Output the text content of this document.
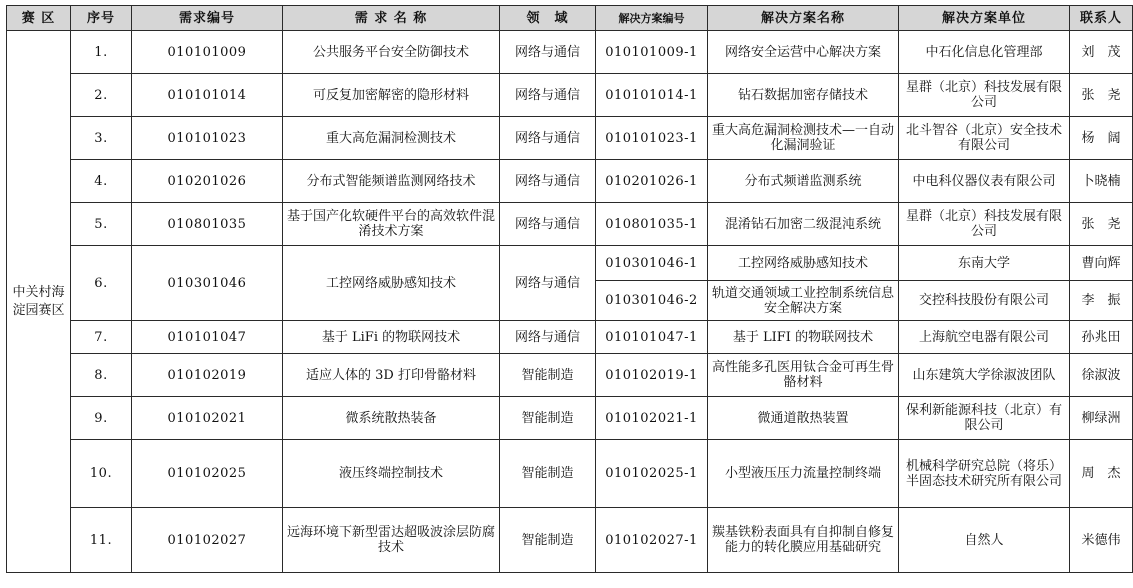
赛 区	序号	需求编号	需 求 名 称	领　域	解决方案编号	解决方案名称	解决方案单位	联系人
中关村海淀园赛区	1.	010101009	公共服务平台安全防御技术	网络与通信	010101009-1	网络安全运营中心解决方案	中石化信息化管理部	刘　茂
	2.	010101014	可反复加密解密的隐形材料	网络与通信	010101014-1	钻石数据加密存储技术	星群（北京）科技发展有限公司	张　尧
	3.	010101023	重大高危漏洞检测技术	网络与通信	010101023-1	重大高危漏洞检测技术—一自动化漏洞验证	北斗智谷（北京）安全技术有限公司	杨　阔
	4.	010201026	分布式智能频谱监测网络技术	网络与通信	010201026-1	分布式频谱监测系统	中电科仪器仪表有限公司	卜晓楠
	5.	010801035	基于国产化软硬件平台的高效软件混淆技术方案	网络与通信	010801035-1	混淆钻石加密二级混沌系统	星群（北京）科技发展有限公司	张　尧
	6.	010301046	工控网络威胁感知技术	网络与通信	010301046-1	工控网络威胁感知技术	东南大学	曹向辉
					010301046-2	轨道交通领域工业控制系统信息安全解决方案	交控科技股份有限公司	李　振
	7.	010101047	基于 LiFi 的物联网技术	网络与通信	010101047-1	基于 LIFI 的物联网技术	上海航空电器有限公司	孙兆田
	8.	010102019	适应人体的 3D 打印骨骼材料	智能制造	010102019-1	高性能多孔医用钛合金可再生骨骼材料	山东建筑大学徐淑波团队	徐淑波
	9.	010102021	微系统散热装备	智能制造	010102021-1	微通道散热装置	保利新能源科技（北京）有限公司	柳绿洲
	10.	010102025	液压终端控制技术	智能制造	010102025-1	小型液压压力流量控制终端	机械科学研究总院（将乐）半固态技术研究所有限公司	周　杰
	11.	010102027	远海环境下新型雷达超吸波涂层防腐技术	智能制造	010102027-1	羰基铁粉表面具有自抑制自修复能力的转化膜应用基础研究	自然人	米德伟
